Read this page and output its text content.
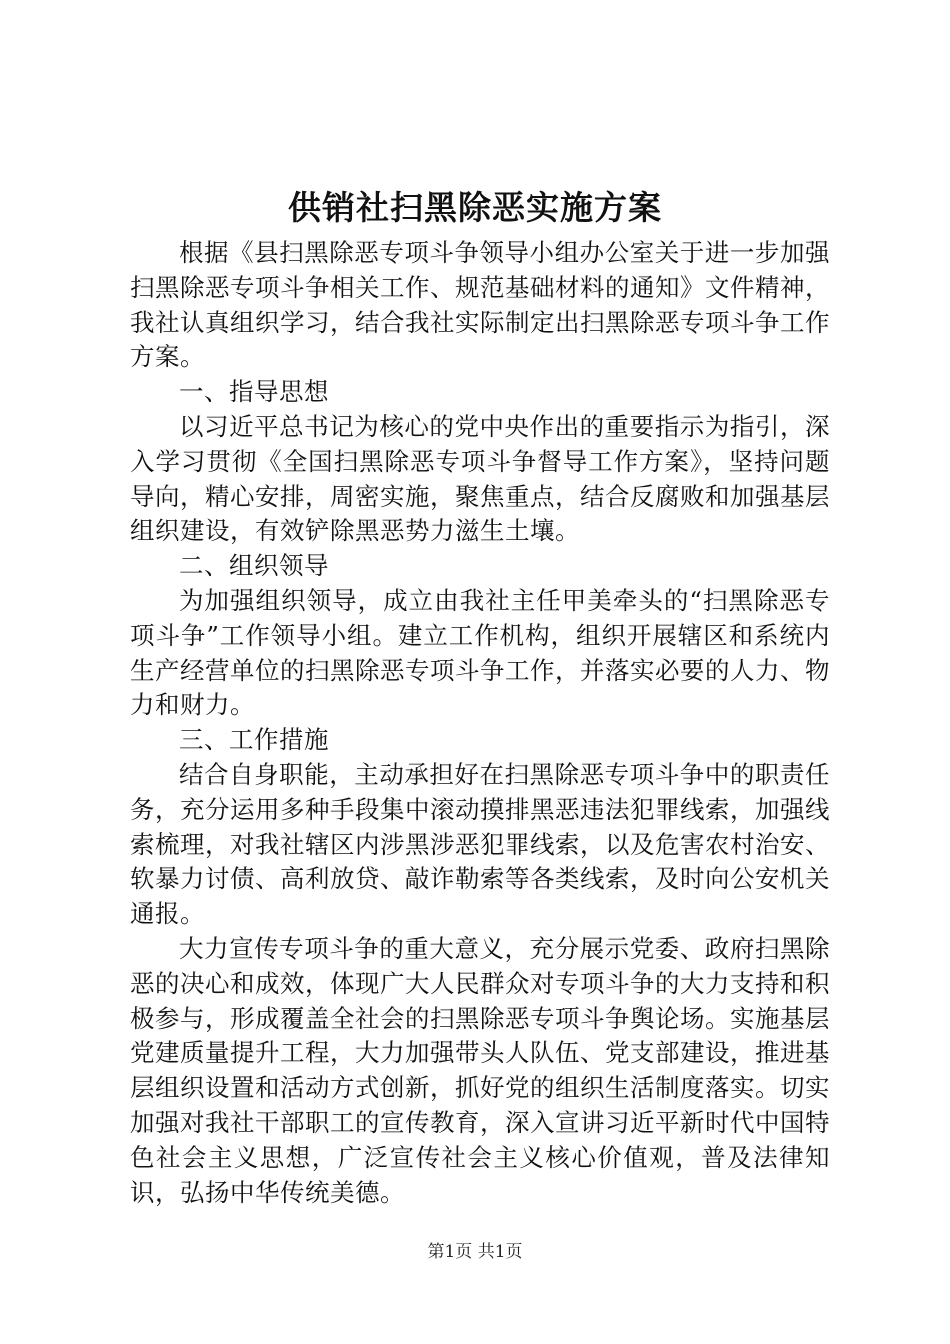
供销社扫黑除恶实施方案

根据《县扫黑除恶专项斗争领导小组办公室关于进一步加强扫黑除恶专项斗争相关工作、规范基础材料的通知》文件精神，我社认真组织学习，结合我社实际制定出扫黑除恶专项斗争工作方案。

一、指导思想

以习近平总书记为核心的党中央作出的重要指示为指引，深入学习贯彻《全国扫黑除恶专项斗争督导工作方案》，坚持问题导向，精心安排，周密实施，聚焦重点，结合反腐败和加强基层组织建设，有效铲除黑恶势力滋生土壤。

二、组织领导

为加强组织领导，成立由我社主任甲美牵头的“扫黑除恶专项斗争”工作领导小组。建立工作机构，组织开展辖区和系统内生产经营单位的扫黑除恶专项斗争工作，并落实必要的人力、物力和财力。

三、工作措施

结合自身职能，主动承担好在扫黑除恶专项斗争中的职责任务，充分运用多种手段集中滚动摸排黑恶违法犯罪线索，加强线索梳理，对我社辖区内涉黑涉恶犯罪线索，以及危害农村治安、软暴力讨债、高利放贷、敲诈勒索等各类线索，及时向公安机关通报。

大力宣传专项斗争的重大意义，充分展示党委、政府扫黑除恶的决心和成效，体现广大人民群众对专项斗争的大力支持和积极参与，形成覆盖全社会的扫黑除恶专项斗争舆论场。实施基层党建质量提升工程，大力加强带头人队伍、党支部建设，推进基层组织设置和活动方式创新，抓好党的组织生活制度落实。切实加强对我社干部职工的宣传教育，深入宣讲习近平新时代中国特色社会主义思想，广泛宣传社会主义核心价值观，普及法律知识，弘扬中华传统美德。

第1页 共1页
